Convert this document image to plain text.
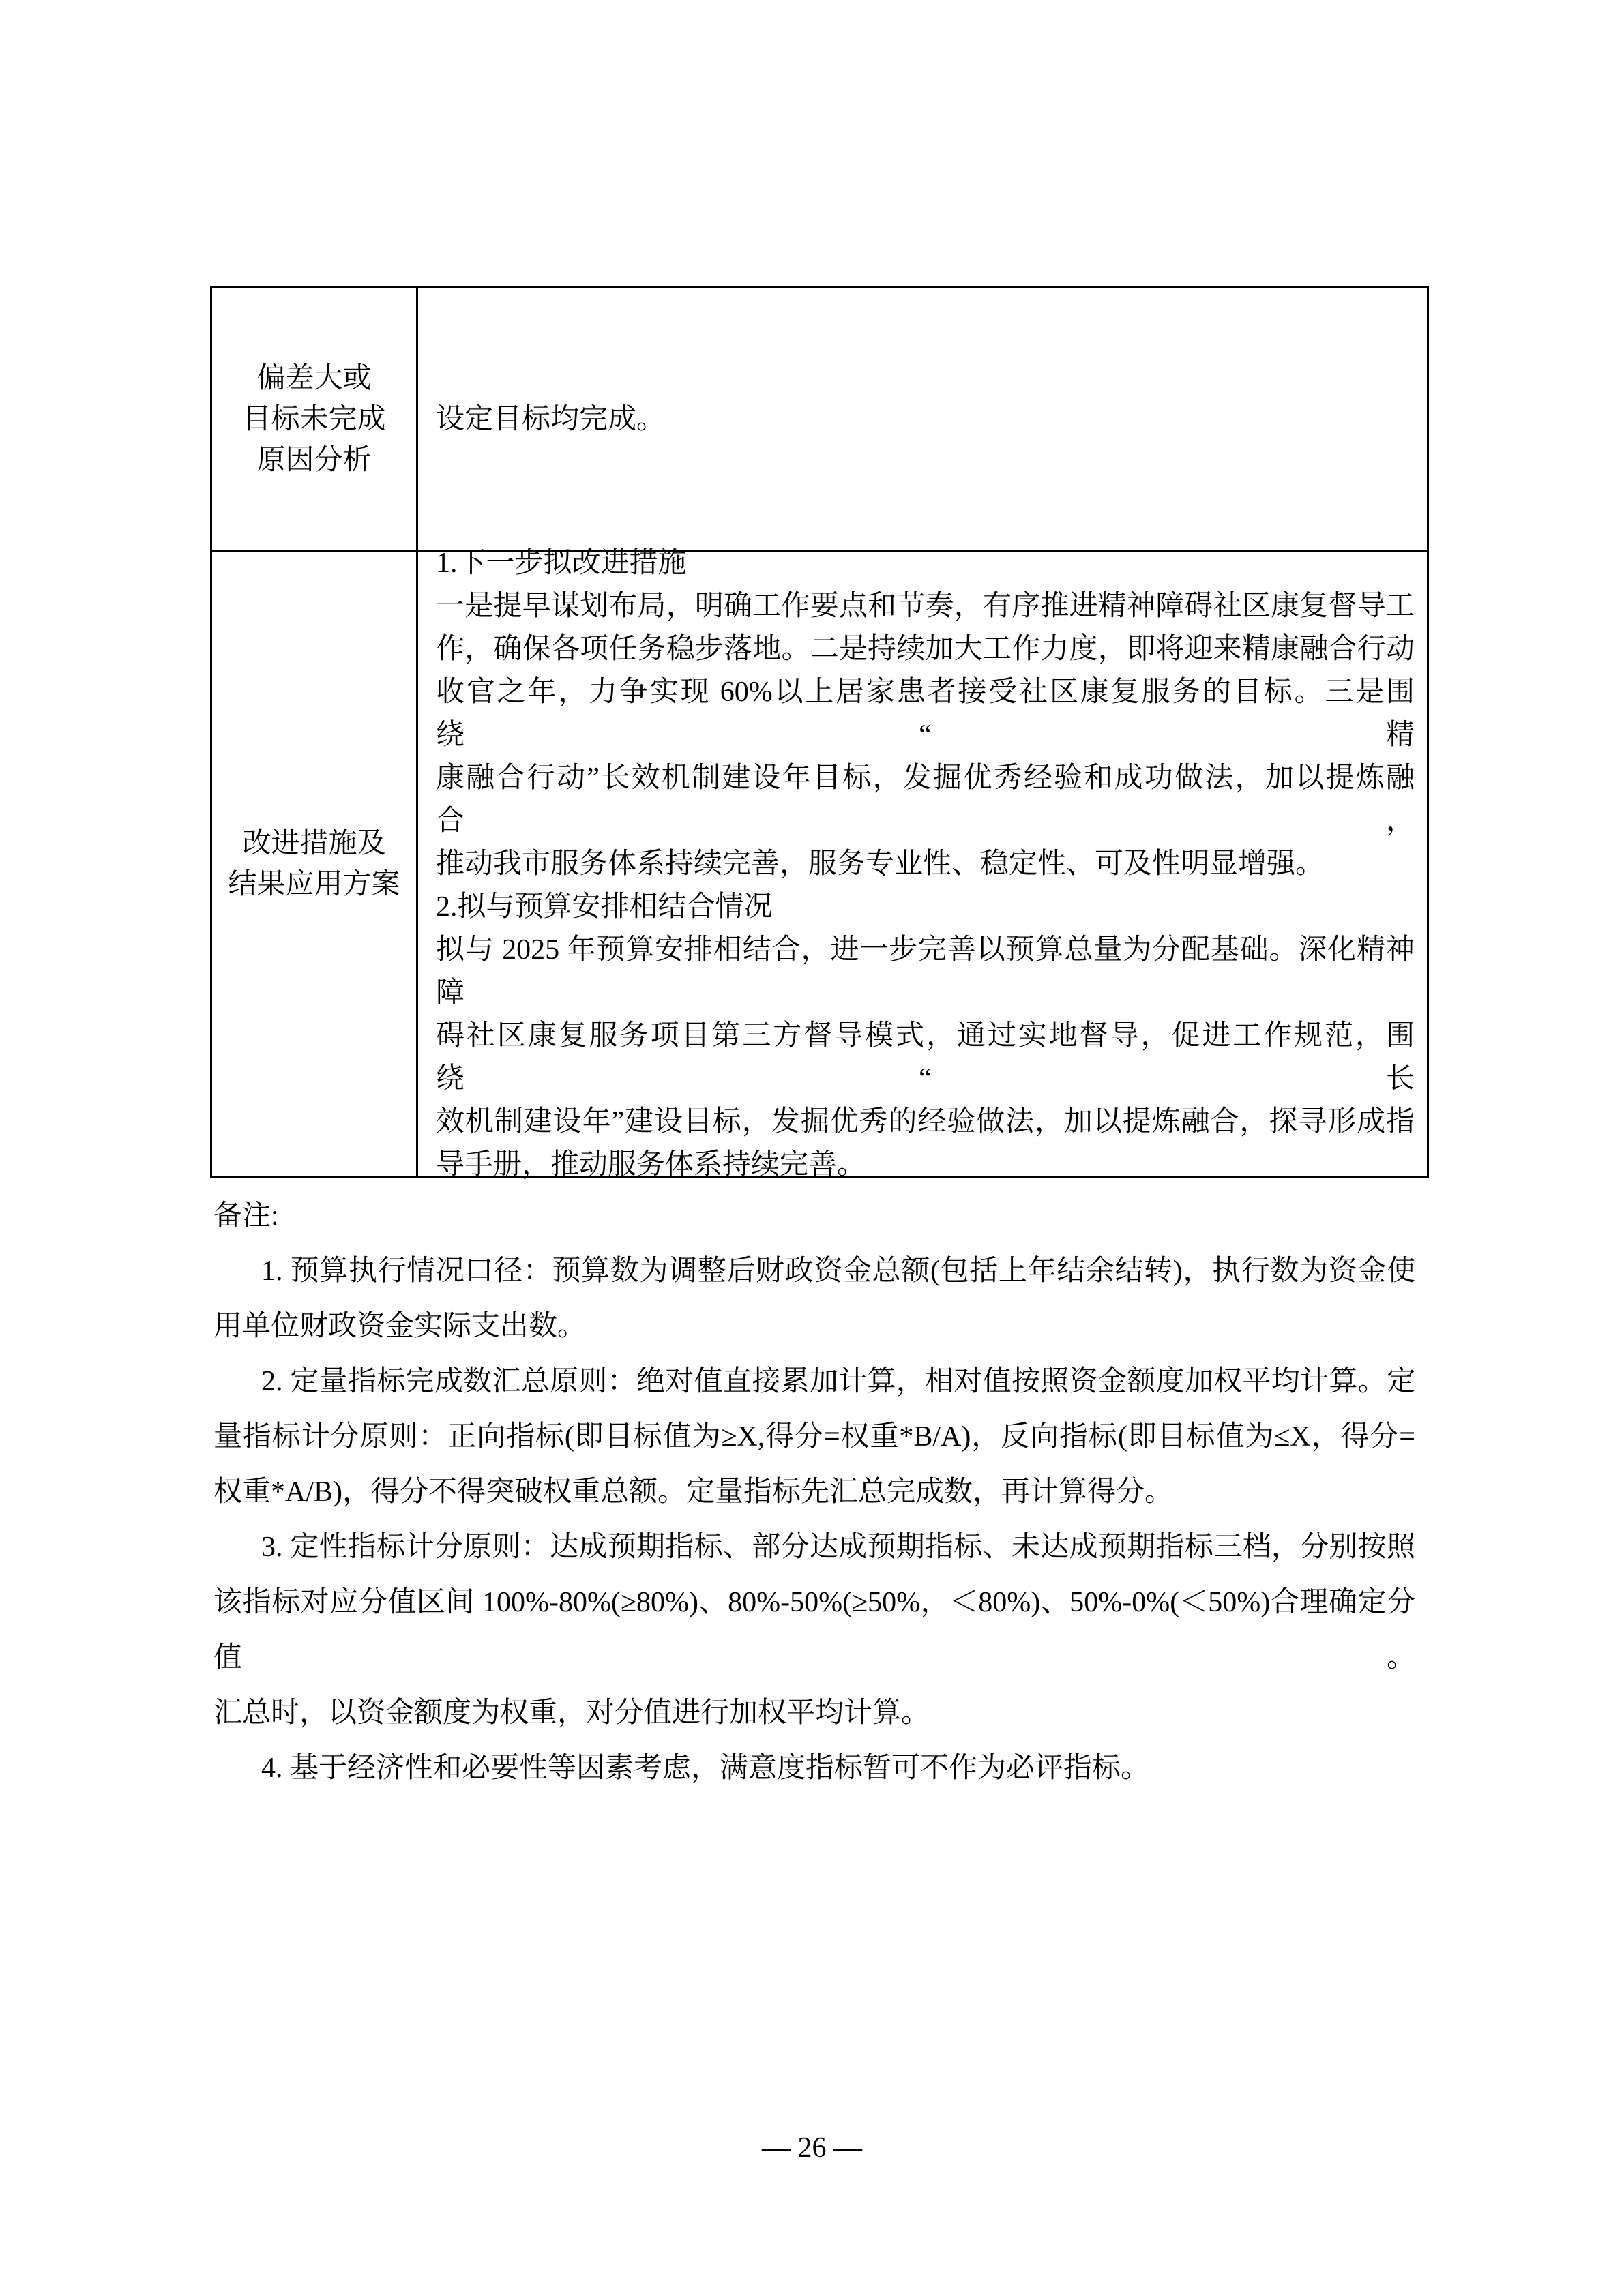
偏差大或
目标未完成
原因分析
设定目标均完成。
改进措施及
结果应用方案
1.下一步拟改进措施
一是提早谋划布局，明确工作要点和节奏，有序推进精神障碍社区康复督导工
作，确保各项任务稳步落地。二是持续加大工作力度，即将迎来精康融合行动
收官之年，力争实现 60%以上居家患者接受社区康复服务的目标。三是围绕“精
康融合行动”长效机制建设年目标，发掘优秀经验和成功做法，加以提炼融合，
推动我市服务体系持续完善，服务专业性、稳定性、可及性明显增强。
2.拟与预算安排相结合情况
拟与 2025 年预算安排相结合，进一步完善以预算总量为分配基础。深化精神障
碍社区康复服务项目第三方督导模式，通过实地督导，促进工作规范，围绕“长
效机制建设年”建设目标，发掘优秀的经验做法，加以提炼融合，探寻形成指
导手册，推动服务体系持续完善。
备注:
1. 预算执行情况口径：预算数为调整后财政资金总额(包括上年结余结转)，执行数为资金使
用单位财政资金实际支出数。
2. 定量指标完成数汇总原则：绝对值直接累加计算，相对值按照资金额度加权平均计算。定
量指标计分原则：正向指标(即目标值为≥X,得分=权重*B/A)，反向指标(即目标值为≤X，得分=
权重*A/B)，得分不得突破权重总额。定量指标先汇总完成数，再计算得分。
3. 定性指标计分原则：达成预期指标、部分达成预期指标、未达成预期指标三档，分别按照
该指标对应分值区间 100%-80%(≥80%)、80%-50%(≥50%，＜80%)、50%-0%(＜50%)合理确定分值。
汇总时，以资金额度为权重，对分值进行加权平均计算。
4. 基于经济性和必要性等因素考虑，满意度指标暂可不作为必评指标。
— 26 —
